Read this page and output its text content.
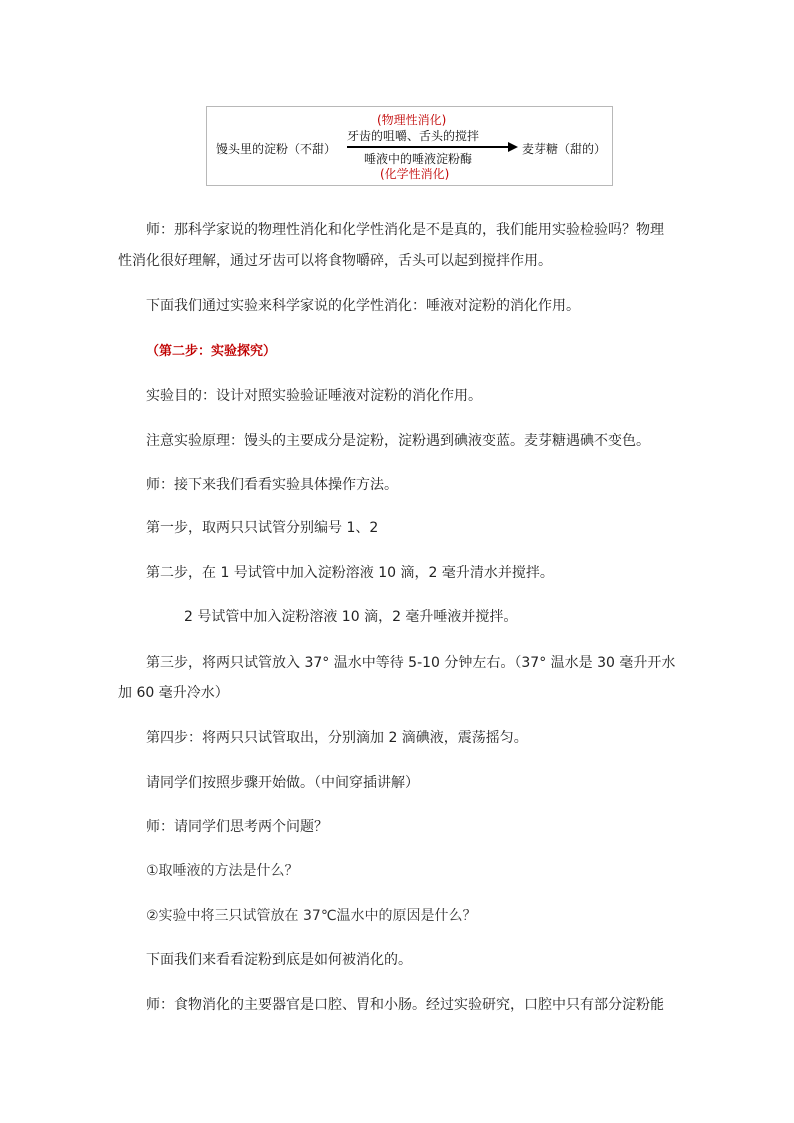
(物理性消化)
牙齿的咀嚼、舌头的搅拌
馒头里的淀粉（不甜）	麦芽糖（甜的）
唾液中的唾液淀粉酶
(化学性消化)
师：那科学家说的物理性消化和化学性消化是不是真的，我们能用实验检验吗？物理
性消化很好理解，通过牙齿可以将食物嚼碎，舌头可以起到搅拌作用。
下面我们通过实验来科学家说的化学性消化：唾液对淀粉的消化作用。
（第二步：实验探究）
实验目的：设计对照实验验证唾液对淀粉的消化作用。
注意实验原理：馒头的主要成分是淀粉，淀粉遇到碘液变蓝。麦芽糖遇碘不变色。
师：接下来我们看看实验具体操作方法。
第一步，取两只只试管分别编号 1、2
第二步，在 1 号试管中加入淀粉溶液 10 滴，2 毫升清水并搅拌。
2 号试管中加入淀粉溶液 10 滴，2 毫升唾液并搅拌。
第三步，将两只试管放入 37° 温水中等待 5-10 分钟左右。（37° 温水是 30 毫升开水
加 60 毫升冷水）
第四步：将两只只试管取出，分别滴加 2 滴碘液，震荡摇匀。
请同学们按照步骤开始做。（中间穿插讲解）
师：请同学们思考两个问题？
①取唾液的方法是什么？
②实验中将三只试管放在 37℃温水中的原因是什么？
下面我们来看看淀粉到底是如何被消化的。
师：食物消化的主要器官是口腔、胃和小肠。经过实验研究，口腔中只有部分淀粉能
